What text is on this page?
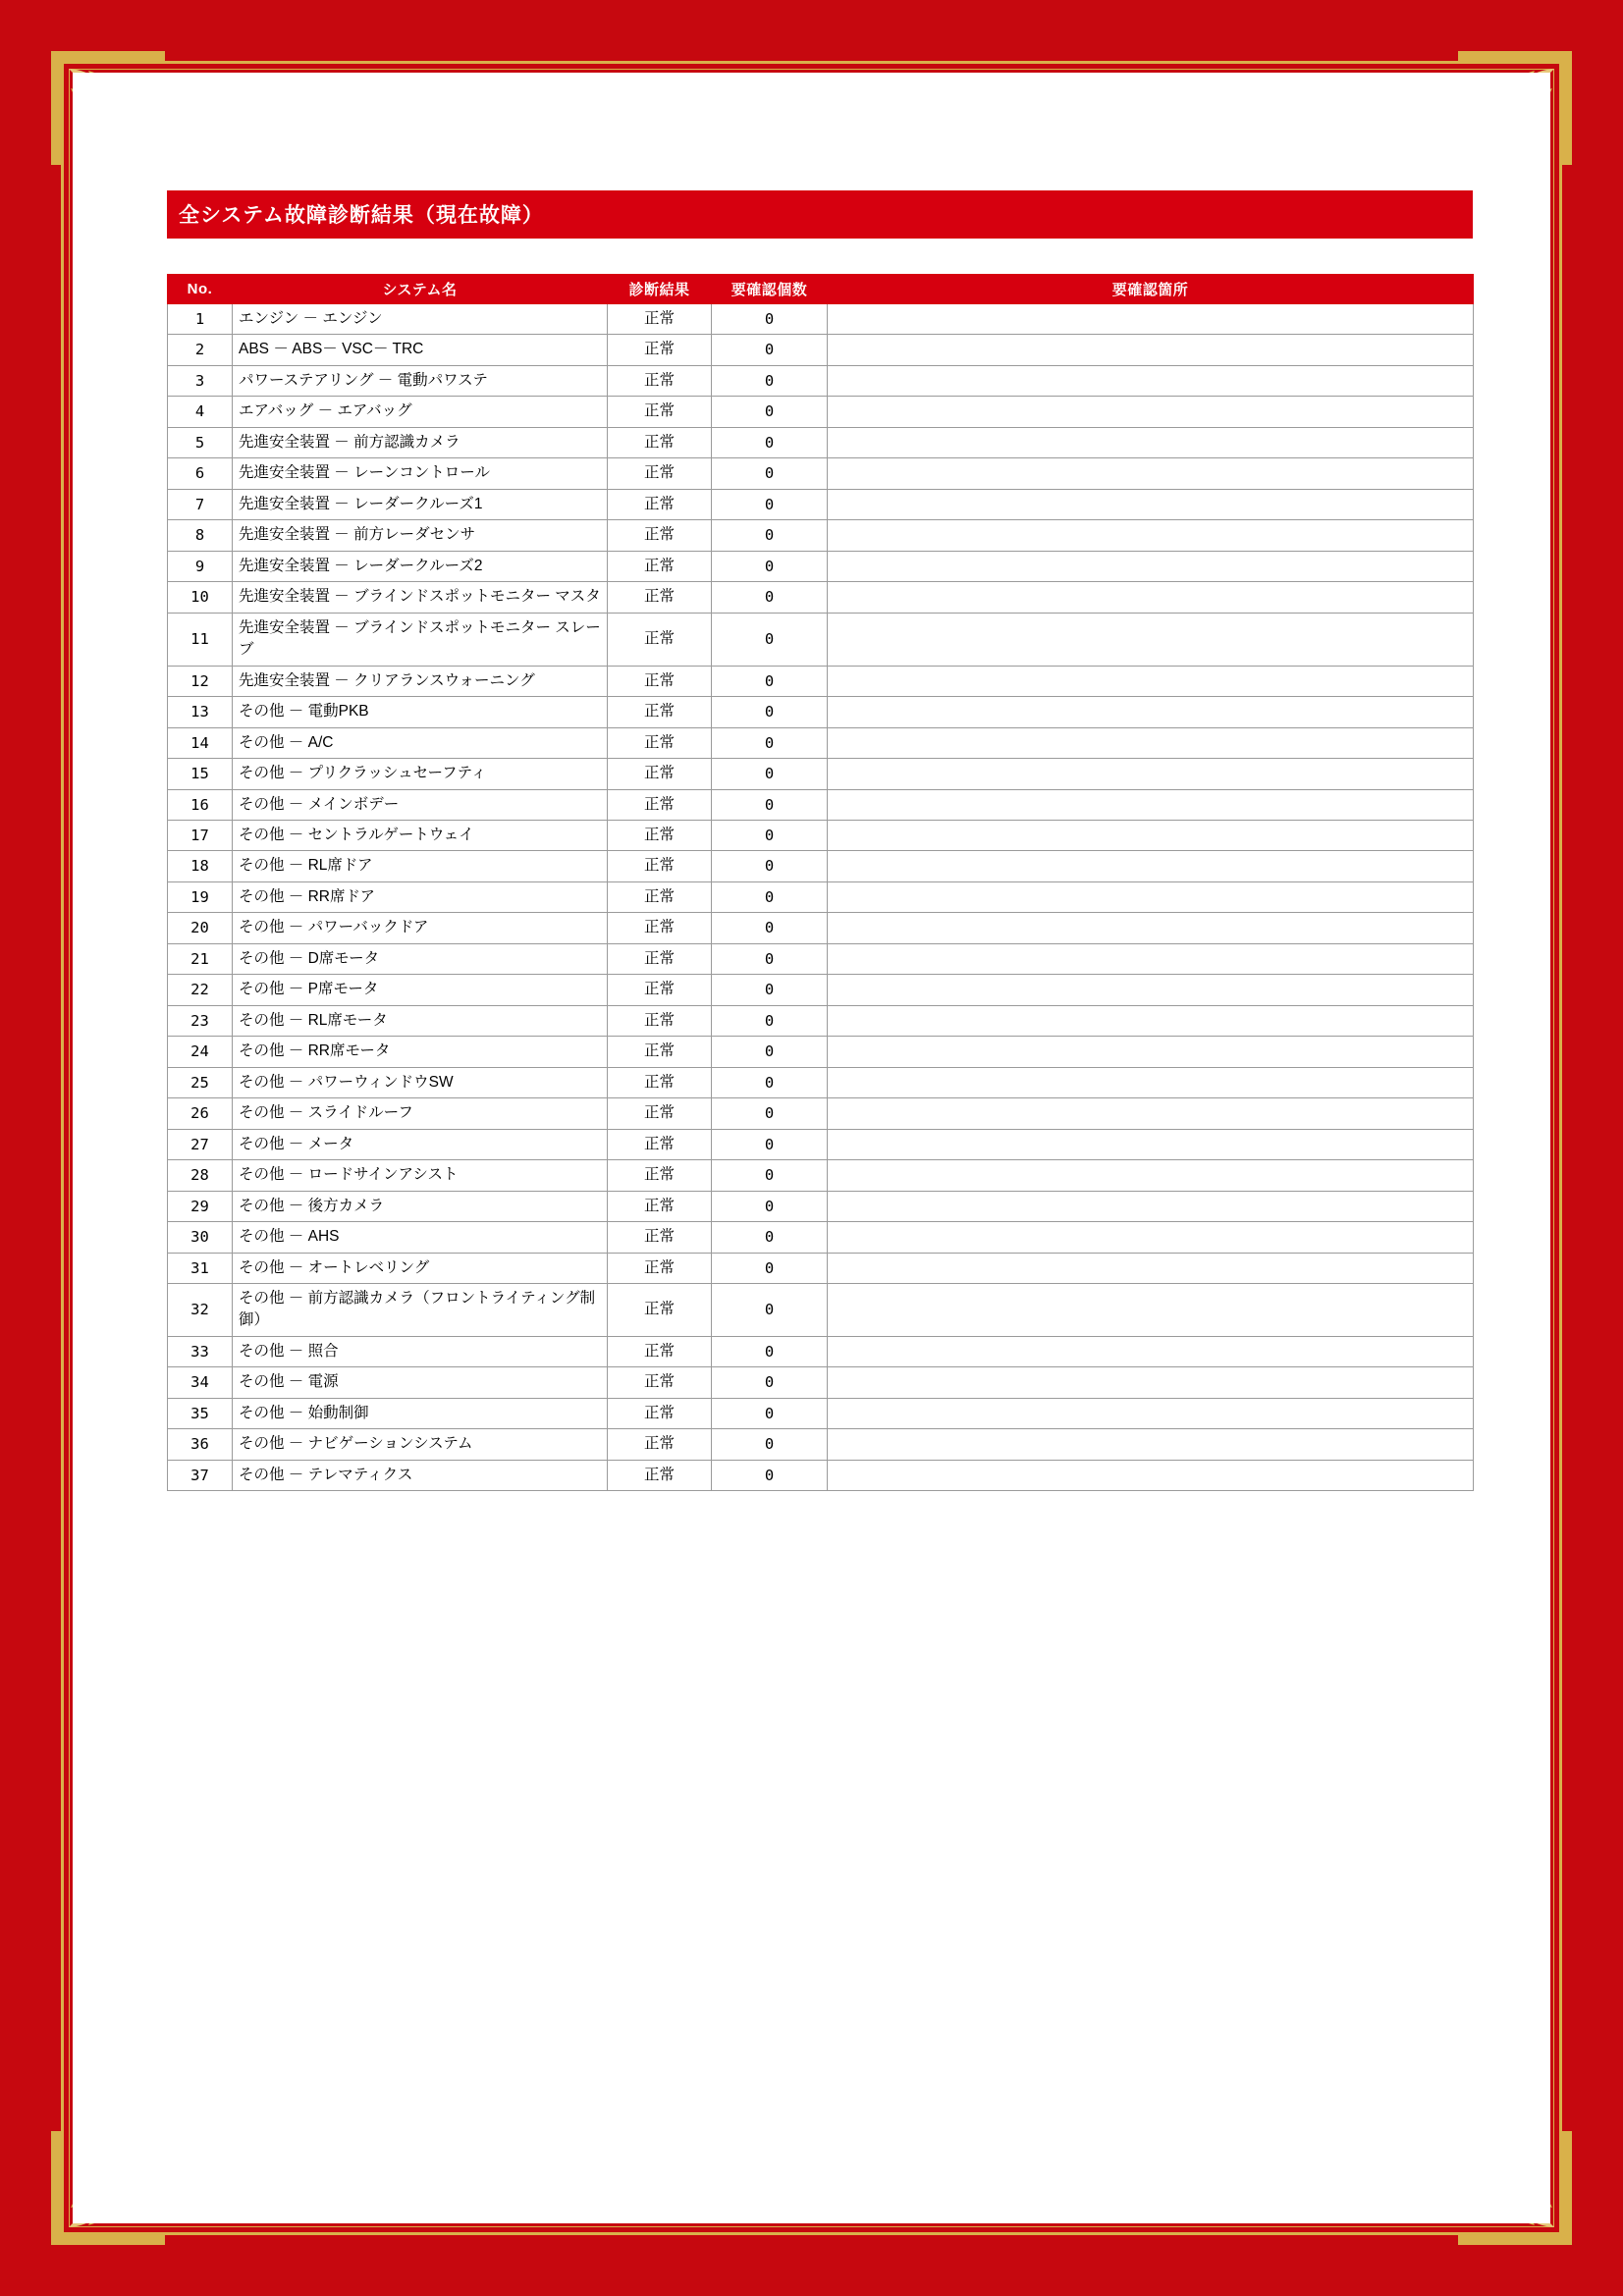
全システム故障診断結果（現在故障）
No.	システム名	診断結果	要確認個数	要確認箇所
1	エンジン － エンジン	正常	0	
2	ABS － ABS－ VSC－ TRC	正常	0	
3	パワーステアリング － 電動パワステ	正常	0	
4	エアバッグ － エアバッグ	正常	0	
5	先進安全装置 － 前方認識カメラ	正常	0	
6	先進安全装置 － レーンコントロール	正常	0	
7	先進安全装置 － レーダークルーズ1	正常	0	
8	先進安全装置 － 前方レーダセンサ	正常	0	
9	先進安全装置 － レーダークルーズ2	正常	0	
10	先進安全装置 － ブラインドスポットモニター マスタ	正常	0	
11	先進安全装置 － ブラインドスポットモニター スレーブ	正常	0	
12	先進安全装置 － クリアランスウォーニング	正常	0	
13	その他 － 電動PKB	正常	0	
14	その他 － A/C	正常	0	
15	その他 － プリクラッシュセーフティ	正常	0	
16	その他 － メインボデー	正常	0	
17	その他 － セントラルゲートウェイ	正常	0	
18	その他 － RL席ドア	正常	0	
19	その他 － RR席ドア	正常	0	
20	その他 － パワーバックドア	正常	0	
21	その他 － D席モータ	正常	0	
22	その他 － P席モータ	正常	0	
23	その他 － RL席モータ	正常	0	
24	その他 － RR席モータ	正常	0	
25	その他 － パワーウィンドウSW	正常	0	
26	その他 － スライドルーフ	正常	0	
27	その他 － メータ	正常	0	
28	その他 － ロードサインアシスト	正常	0	
29	その他 － 後方カメラ	正常	0	
30	その他 － AHS	正常	0	
31	その他 － オートレベリング	正常	0	
32	その他 － 前方認識カメラ（フロントライティング制御）	正常	0	
33	その他 － 照合	正常	0	
34	その他 － 電源	正常	0	
35	その他 － 始動制御	正常	0	
36	その他 － ナビゲーションシステム	正常	0	
37	その他 － テレマティクス	正常	0	
